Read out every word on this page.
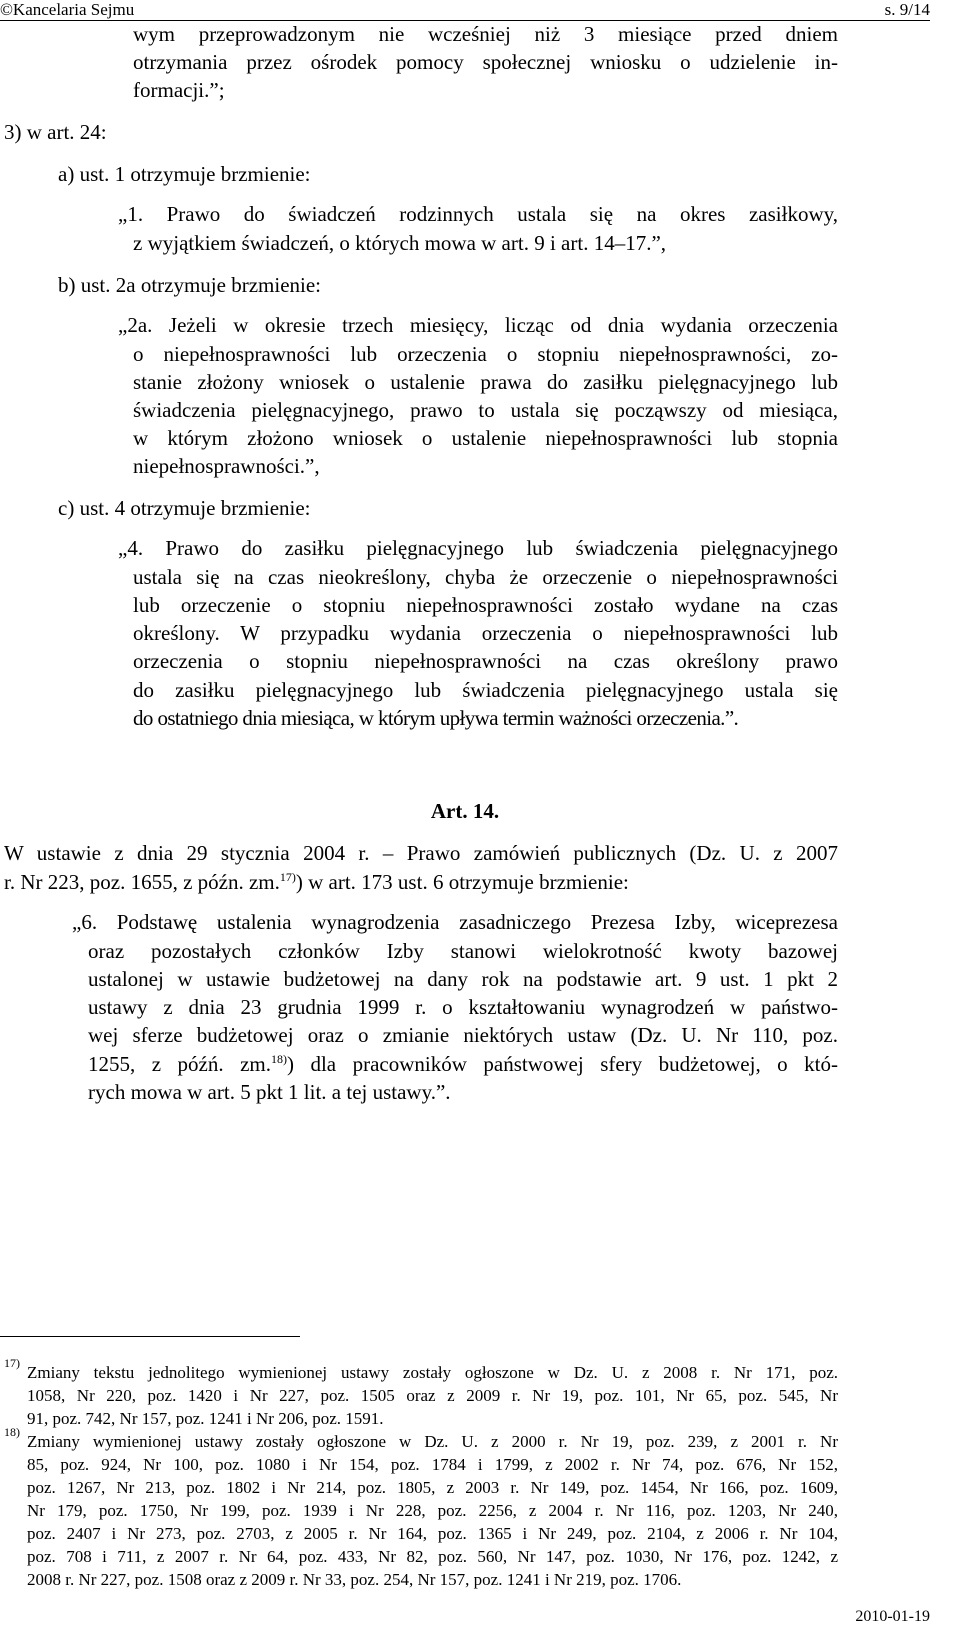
©Kancelaria Sejmu	s. 9/14
wym przeprowadzonym nie wcześniej niż 3 miesiące przed dniem
otrzymania przez ośrodek pomocy społecznej wniosku o udzielenie in-
formacji.”;
3) w art. 24:
a) ust. 1 otrzymuje brzmienie:
„1. Prawo do świadczeń rodzinnych ustala się na okres zasiłkowy,
z wyjątkiem świadczeń, o których mowa w art. 9 i art. 14–17.”,
b) ust. 2a otrzymuje brzmienie:
„2a. Jeżeli w okresie trzech miesięcy, licząc od dnia wydania orzeczenia
o niepełnosprawności lub orzeczenia o stopniu niepełnosprawności, zo-
stanie złożony wniosek o ustalenie prawa do zasiłku pielęgnacyjnego lub
świadczenia pielęgnacyjnego, prawo to ustala się począwszy od miesiąca,
w którym złożono wniosek o ustalenie niepełnosprawności lub stopnia
niepełnosprawności.”,
c) ust. 4 otrzymuje brzmienie:
„4. Prawo do zasiłku pielęgnacyjnego lub świadczenia pielęgnacyjnego
ustala się na czas nieokreślony, chyba że orzeczenie o niepełnosprawności
lub orzeczenie o stopniu niepełnosprawności zostało wydane na czas
określony. W przypadku wydania orzeczenia o niepełnosprawności lub
orzeczenia o stopniu niepełnosprawności na czas określony prawo
do zasiłku pielęgnacyjnego lub świadczenia pielęgnacyjnego ustala się
do ostatniego dnia miesiąca, w którym upływa termin ważności orzeczenia.”.
Art. 14.
W ustawie z dnia 29 stycznia 2004 r. – Prawo zamówień publicznych (Dz. U. z 2007
r. Nr 223, poz. 1655, z późn. zm.$^{17)}$) w art. 173 ust. 6 otrzymuje brzmienie:
„6. Podstawę ustalenia wynagrodzenia zasadniczego Prezesa Izby, wiceprezesa
oraz pozostałych członków Izby stanowi wielokrotność kwoty bazowej
ustalonej w ustawie budżetowej na dany rok na podstawie art. 9 ust. 1 pkt 2
ustawy z dnia 23 grudnia 1999 r. o kształtowaniu wynagrodzeń w państwo-
wej sferze budżetowej oraz o zmianie niektórych ustaw (Dz. U. Nr 110, poz.
1255, z późń. zm.$^{18)}$) dla pracowników państwowej sfery budżetowej, o któ-
rych mowa w art. 5 pkt 1 lit. a tej ustawy.”.
17) Zmiany tekstu jednolitego wymienionej ustawy zostały ogłoszone w Dz. U. z 2008 r. Nr 171, poz.
1058, Nr 220, poz. 1420 i Nr 227, poz. 1505 oraz z 2009 r. Nr 19, poz. 101, Nr 65, poz. 545, Nr
91, poz. 742, Nr 157, poz. 1241 i Nr 206, poz. 1591.
18) Zmiany wymienionej ustawy zostały ogłoszone w Dz. U. z 2000 r. Nr 19, poz. 239, z 2001 r. Nr
85, poz. 924, Nr 100, poz. 1080 i Nr 154, poz. 1784 i 1799, z 2002 r. Nr 74, poz. 676, Nr 152,
poz. 1267, Nr 213, poz. 1802 i Nr 214, poz. 1805, z 2003 r. Nr 149, poz. 1454, Nr 166, poz. 1609,
Nr 179, poz. 1750, Nr 199, poz. 1939 i Nr 228, poz. 2256, z 2004 r. Nr 116, poz. 1203, Nr 240,
poz. 2407 i Nr 273, poz. 2703, z 2005 r. Nr 164, poz. 1365 i Nr 249, poz. 2104, z 2006 r. Nr 104,
poz. 708 i 711, z 2007 r. Nr 64, poz. 433, Nr 82, poz. 560, Nr 147, poz. 1030, Nr 176, poz. 1242, z
2008 r. Nr 227, poz. 1508 oraz z 2009 r. Nr 33, poz. 254, Nr 157, poz. 1241 i Nr 219, poz. 1706.
2010-01-19
